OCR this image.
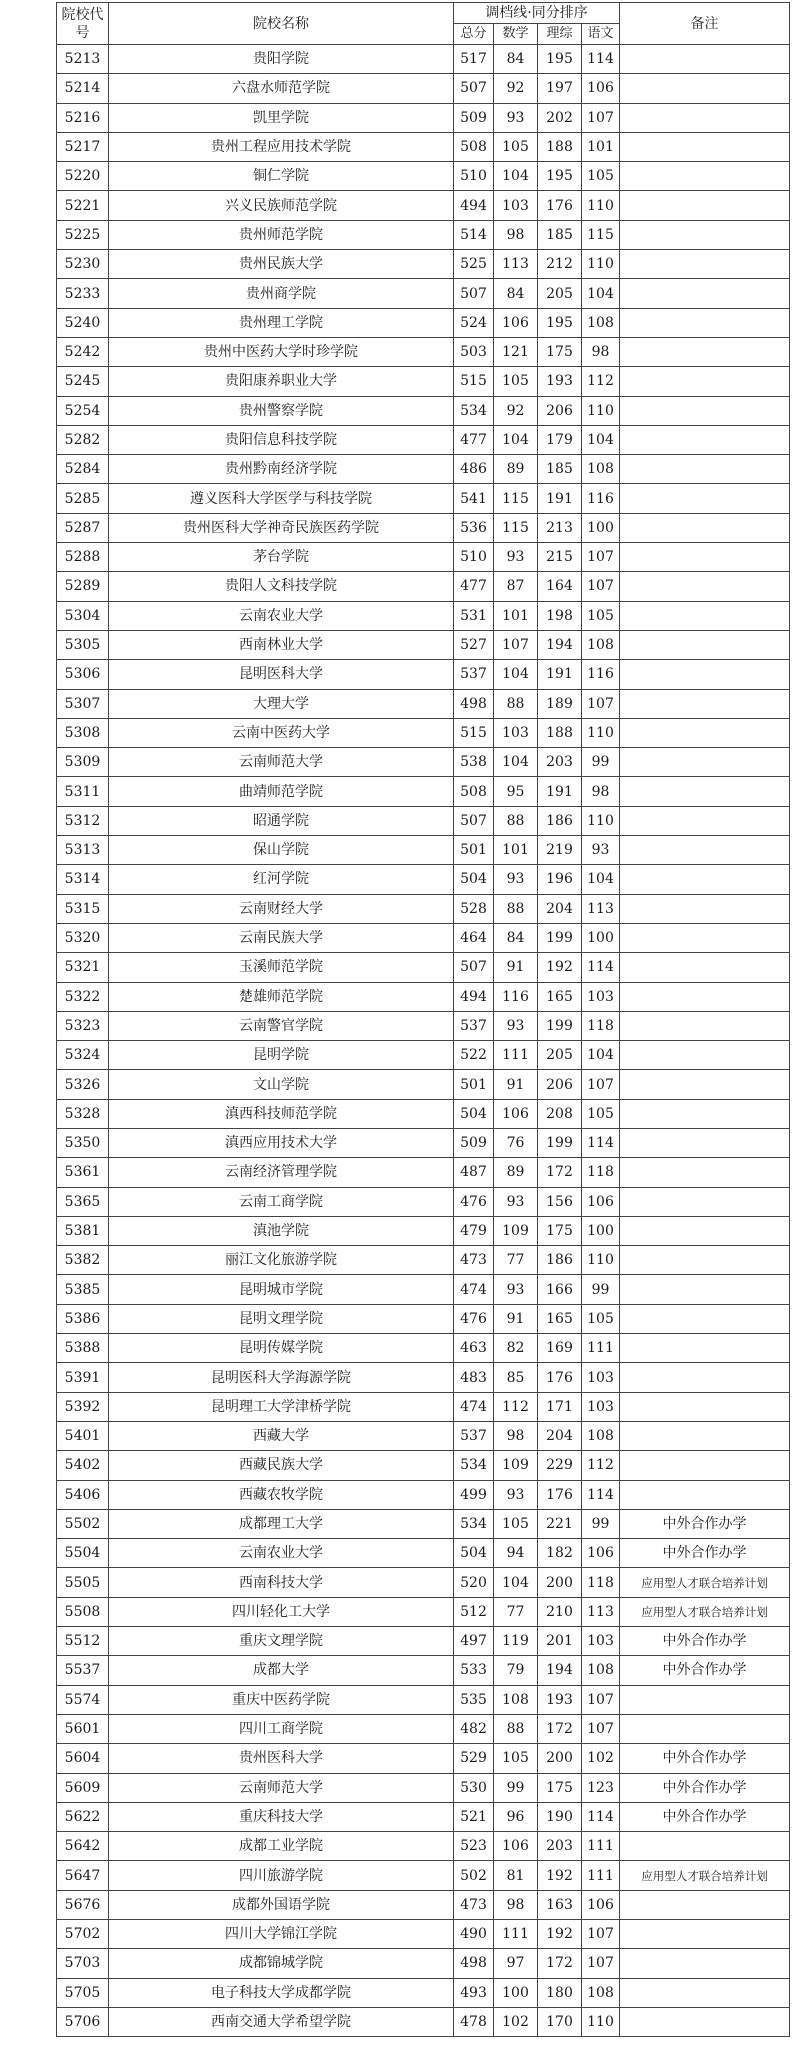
院校代号	院校名称	调档线·同分排序				备注
		总分	数学	理综	语文	
5213	贵阳学院	517	84	195	114	
5214	六盘水师范学院	507	92	197	106	
5216	凯里学院	509	93	202	107	
5217	贵州工程应用技术学院	508	105	188	101	
5220	铜仁学院	510	104	195	105	
5221	兴义民族师范学院	494	103	176	110	
5225	贵州师范学院	514	98	185	115	
5230	贵州民族大学	525	113	212	110	
5233	贵州商学院	507	84	205	104	
5240	贵州理工学院	524	106	195	108	
5242	贵州中医药大学时珍学院	503	121	175	98	
5245	贵阳康养职业大学	515	105	193	112	
5254	贵州警察学院	534	92	206	110	
5282	贵阳信息科技学院	477	104	179	104	
5284	贵州黔南经济学院	486	89	185	108	
5285	遵义医科大学医学与科技学院	541	115	191	116	
5287	贵州医科大学神奇民族医药学院	536	115	213	100	
5288	茅台学院	510	93	215	107	
5289	贵阳人文科技学院	477	87	164	107	
5304	云南农业大学	531	101	198	105	
5305	西南林业大学	527	107	194	108	
5306	昆明医科大学	537	104	191	116	
5307	大理大学	498	88	189	107	
5308	云南中医药大学	515	103	188	110	
5309	云南师范大学	538	104	203	99	
5311	曲靖师范学院	508	95	191	98	
5312	昭通学院	507	88	186	110	
5313	保山学院	501	101	219	93	
5314	红河学院	504	93	196	104	
5315	云南财经大学	528	88	204	113	
5320	云南民族大学	464	84	199	100	
5321	玉溪师范学院	507	91	192	114	
5322	楚雄师范学院	494	116	165	103	
5323	云南警官学院	537	93	199	118	
5324	昆明学院	522	111	205	104	
5326	文山学院	501	91	206	107	
5328	滇西科技师范学院	504	106	208	105	
5350	滇西应用技术大学	509	76	199	114	
5361	云南经济管理学院	487	89	172	118	
5365	云南工商学院	476	93	156	106	
5381	滇池学院	479	109	175	100	
5382	丽江文化旅游学院	473	77	186	110	
5385	昆明城市学院	474	93	166	99	
5386	昆明文理学院	476	91	165	105	
5388	昆明传媒学院	463	82	169	111	
5391	昆明医科大学海源学院	483	85	176	103	
5392	昆明理工大学津桥学院	474	112	171	103	
5401	西藏大学	537	98	204	108	
5402	西藏民族大学	534	109	229	112	
5406	西藏农牧学院	499	93	176	114	
5502	成都理工大学	534	105	221	99	中外合作办学
5504	云南农业大学	504	94	182	106	中外合作办学
5505	西南科技大学	520	104	200	118	应用型人才联合培养计划
5508	四川轻化工大学	512	77	210	113	应用型人才联合培养计划
5512	重庆文理学院	497	119	201	103	中外合作办学
5537	成都大学	533	79	194	108	中外合作办学
5574	重庆中医药学院	535	108	193	107	
5601	四川工商学院	482	88	172	107	
5604	贵州医科大学	529	105	200	102	中外合作办学
5609	云南师范大学	530	99	175	123	中外合作办学
5622	重庆科技大学	521	96	190	114	中外合作办学
5642	成都工业学院	523	106	203	111	
5647	四川旅游学院	502	81	192	111	应用型人才联合培养计划
5676	成都外国语学院	473	98	163	106	
5702	四川大学锦江学院	490	111	192	107	
5703	成都锦城学院	498	97	172	107	
5705	电子科技大学成都学院	493	100	180	108	
5706	西南交通大学希望学院	478	102	170	110	
